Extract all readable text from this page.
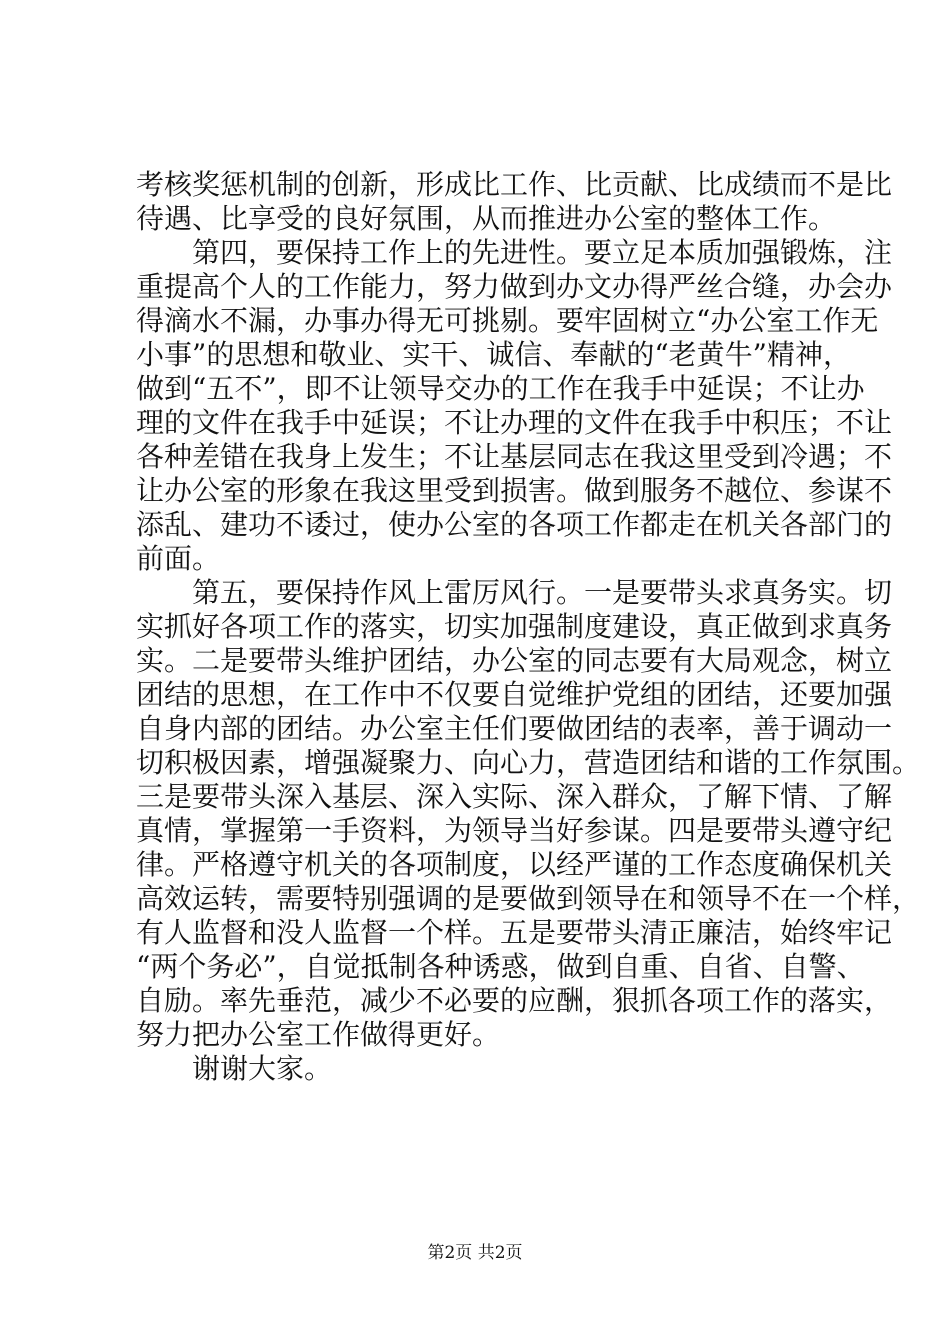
考核奖惩机制的创新，形成比工作、比贡献、比成绩而不是比
待遇、比享受的良好氛围，从而推进办公室的整体工作。
　　第四，要保持工作上的先进性。要立足本质加强锻炼，注
重提高个人的工作能力，努力做到办文办得严丝合缝，办会办
得滴水不漏，办事办得无可挑剔。要牢固树立“办公室工作无
小事”的思想和敬业、实干、诚信、奉献的“老黄牛”精神，
做到“五不”，即不让领导交办的工作在我手中延误；不让办
理的文件在我手中延误；不让办理的文件在我手中积压；不让
各种差错在我身上发生；不让基层同志在我这里受到冷遇；不
让办公室的形象在我这里受到损害。做到服务不越位、参谋不
添乱、建功不诿过，使办公室的各项工作都走在机关各部门的
前面。
　　第五，要保持作风上雷厉风行。一是要带头求真务实。切
实抓好各项工作的落实，切实加强制度建设，真正做到求真务
实。二是要带头维护团结，办公室的同志要有大局观念，树立
团结的思想，在工作中不仅要自觉维护党组的团结，还要加强
自身内部的团结。办公室主任们要做团结的表率，善于调动一
切积极因素，增强凝聚力、向心力，营造团结和谐的工作氛围。
三是要带头深入基层、深入实际、深入群众，了解下情、了解
真情，掌握第一手资料，为领导当好参谋。四是要带头遵守纪
律。严格遵守机关的各项制度，以经严谨的工作态度确保机关
高效运转，需要特别强调的是要做到领导在和领导不在一个样，
有人监督和没人监督一个样。五是要带头清正廉洁，始终牢记
“两个务必”，自觉抵制各种诱惑，做到自重、自省、自警、
自励。率先垂范，减少不必要的应酬，狠抓各项工作的落实，
努力把办公室工作做得更好。
　　谢谢大家。
第2页 共2页
